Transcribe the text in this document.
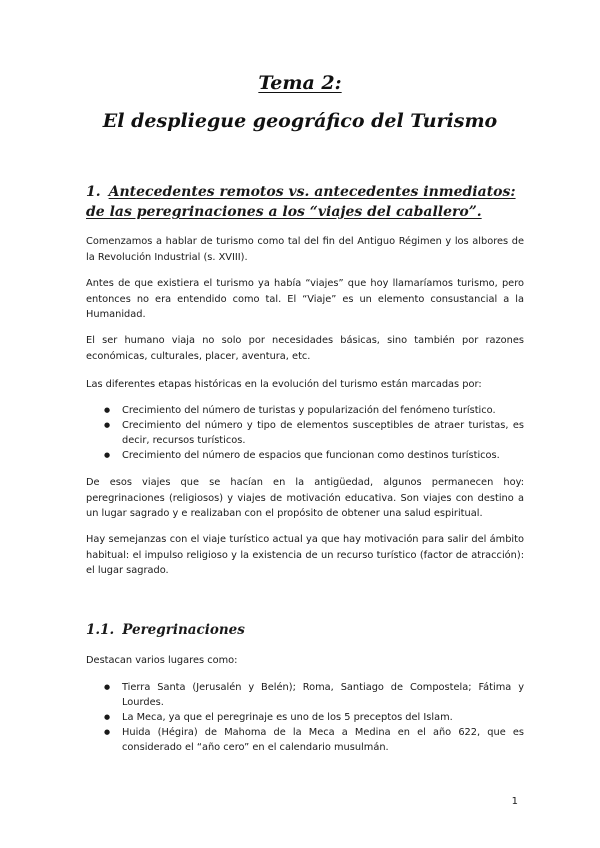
Tema 2:
El despliegue geográfico del Turismo
1. Antecedentes remotos vs. antecedentes inmediatos: de las peregrinaciones a los “viajes del caballero”.

Comenzamos a hablar de turismo como tal del fin del Antiguo Régimen y los albores de la Revolución Industrial (s. XVIII).

Antes de que existiera el turismo ya había “viajes” que hoy llamaríamos turismo, pero entonces no era entendido como tal. El “Viaje” es un elemento consustancial a la Humanidad.

El ser humano viaja no solo por necesidades básicas, sino también por razones económicas, culturales, placer, aventura, etc.

Las diferentes etapas históricas en la evolución del turismo están marcadas por:

● Crecimiento del número de turistas y popularización del fenómeno turístico.
● Crecimiento del número y tipo de elementos susceptibles de atraer turistas, es decir, recursos turísticos.
● Crecimiento del número de espacios que funcionan como destinos turísticos.

De esos viajes que se hacían en la antigüedad, algunos permanecen hoy: peregrinaciones (religiosos) y viajes de motivación educativa. Son viajes con destino a un lugar sagrado y e realizaban con el propósito de obtener una salud espiritual.

Hay semejanzas con el viaje turístico actual ya que hay motivación para salir del ámbito habitual: el impulso religioso y la existencia de un recurso turístico (factor de atracción): el lugar sagrado.

1.1. Peregrinaciones

Destacan varios lugares como:

● Tierra Santa (Jerusalén y Belén); Roma, Santiago de Compostela; Fátima y Lourdes.
● La Meca, ya que el peregrinaje es uno de los 5 preceptos del Islam.
● Huida (Hégira) de Mahoma de la Meca a Medina en el año 622, que es considerado el “año cero” en el calendario musulmán.
1
